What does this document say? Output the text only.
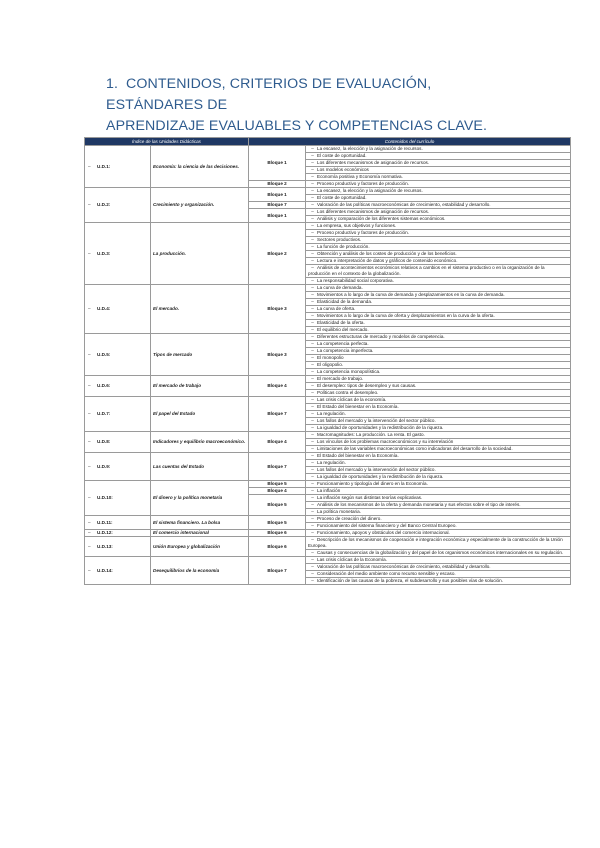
1. CONTENIDOS, CRITERIOS DE EVALUACIÓN, ESTÁNDARES DE
APRENDIZAJE EVALUABLES Y COMPETENCIAS CLAVE.
Índice de las Unidades Didácticas		Contenidos del currículo	
– U.D.1:	Economía: la ciencia de las decisiones.	Bloque 1	– La escasez, la elección y la asignación de recursos.
			– El coste de oportunidad.
			– Los diferentes mecanismos de asignación de recursos.
			– Los modelos económicos
			– Economía positiva y Economía normativa.
		Bloque 2	– Proceso productivo y factores de producción.
– U.D.2:	Crecimiento y organización.	Bloque 1	– La escasez, la elección y la asignación de recursos.
			– El coste de oportunidad.
		Bloque 7	– Valoración de las políticas macroeconómicas de crecimiento, estabilidad y desarrollo.
		Bloque 1	– Los diferentes mecanismos de asignación de recursos.
			– Análisis y comparación de los diferentes sistemas económicos.
– U.D.3:	La producción.	Bloque 2	– La empresa, sus objetivos y funciones.
			– Proceso productivo y factores de producción.
			– Sectores productivos.
			– La función de producción.
			– Obtención y análisis de los costes de producción y de los beneficios.
			– Lectura e interpretación de datos y gráficos de contenido económico.
			– Análisis de acontecimientos económicos relativos a cambios en el sistema productivo o en la organización de la producción en el contexto de la globalización.
			– La responsabilidad social corporativa.
– U.D.4:	El mercado.	Bloque 3	– La curva de demanda.
			– Movimientos a lo largo de la curva de demanda y desplazamientos en la curva de demanda.
			– Elasticidad de la demanda.
			– La curva de oferta.
			– Movimientos a lo largo de la curva de oferta y desplazamientos en la curva de la oferta.
			– Elasticidad de la oferta.
			– El equilibrio del mercado.
– U.D.5:	Tipos de mercado	Bloque 3	– Diferentes estructuras de mercado y modelos de competencia.
			– La competencia perfecta.
			– La competencia imperfecta.
			– El monopolio
			– El oligopolio.
			– La competencia monopolística.
– U.D.6:	El mercado de trabajo	Bloque 4	– El mercado de trabajo.
			– El desempleo: tipos de desempleo y sus causas.
			– Políticas contra el desempleo.
– U.D.7:	El papel del Estado	Bloque 7	– Las crisis cíclicas de la economía.
			– El Estado del bienestar en la Economía.
			– La regulación.
			– Los fallos del mercado y la intervención del sector público.
			– La igualdad de oportunidades y la redistribución de la riqueza.
– U.D.8:	Indicadores y equilibrio macroeconómico.	Bloque 4	– Macromagnitudes: La producción. La renta. El gasto.
			– Los vínculos de los problemas macroeconómicos y su interrelación
			– Limitaciones de las variables macroeconómicas como indicadoras del desarrollo de la sociedad.
– U.D.9:	Las cuentas del Estado	Bloque 7	– El Estado del bienestar en la Economía.
			– La regulación.
			– Los fallos del mercado y la intervención del sector público.
			– La igualdad de oportunidades y la redistribución de la riqueza.
– U.D.10:	El dinero y la política monetaria	Bloque 5	– Funcionamiento y tipología del dinero en la Economía.
		Bloque 4	– La inflación
		Bloque 5	– La inflación según sus distintas teorías explicativas.
			– Análisis de los mecanismos de la oferta y demanda monetaria y sus efectos sobre el tipo de interés.
			– La política monetaria.
– U.D.11:	El sistema financiero. La bolsa	Bloque 5	– Proceso de creación del dinero.
			– Funcionamiento del sistema financiero y del Banco Central Europeo.
– U.D.12:	El comercio internacional	Bloque 6	– Funcionamiento, apoyos y obstáculos del comercio internacional.
– U.D.13:	Unión Europea y globalización	Bloque 6	– Descripción de los mecanismos de cooperación e integración económica y especialmente de la construcción de la Unión Europea.
			– Causas y consecuencias de la globalización y del papel de los organismos económicos internacionales en su regulación.
– U.D.14:	Desequilibrios de la economía	Bloque 7	– Las crisis cíclicas de la Economía.
			– Valoración de las políticas macroeconómicas de crecimiento, estabilidad y desarrollo.
			– Consideración del medio ambiente como recurso sensible y escaso.
			– Identificación de las causas de la pobreza, el subdesarrollo y sus posibles vías de solución.
